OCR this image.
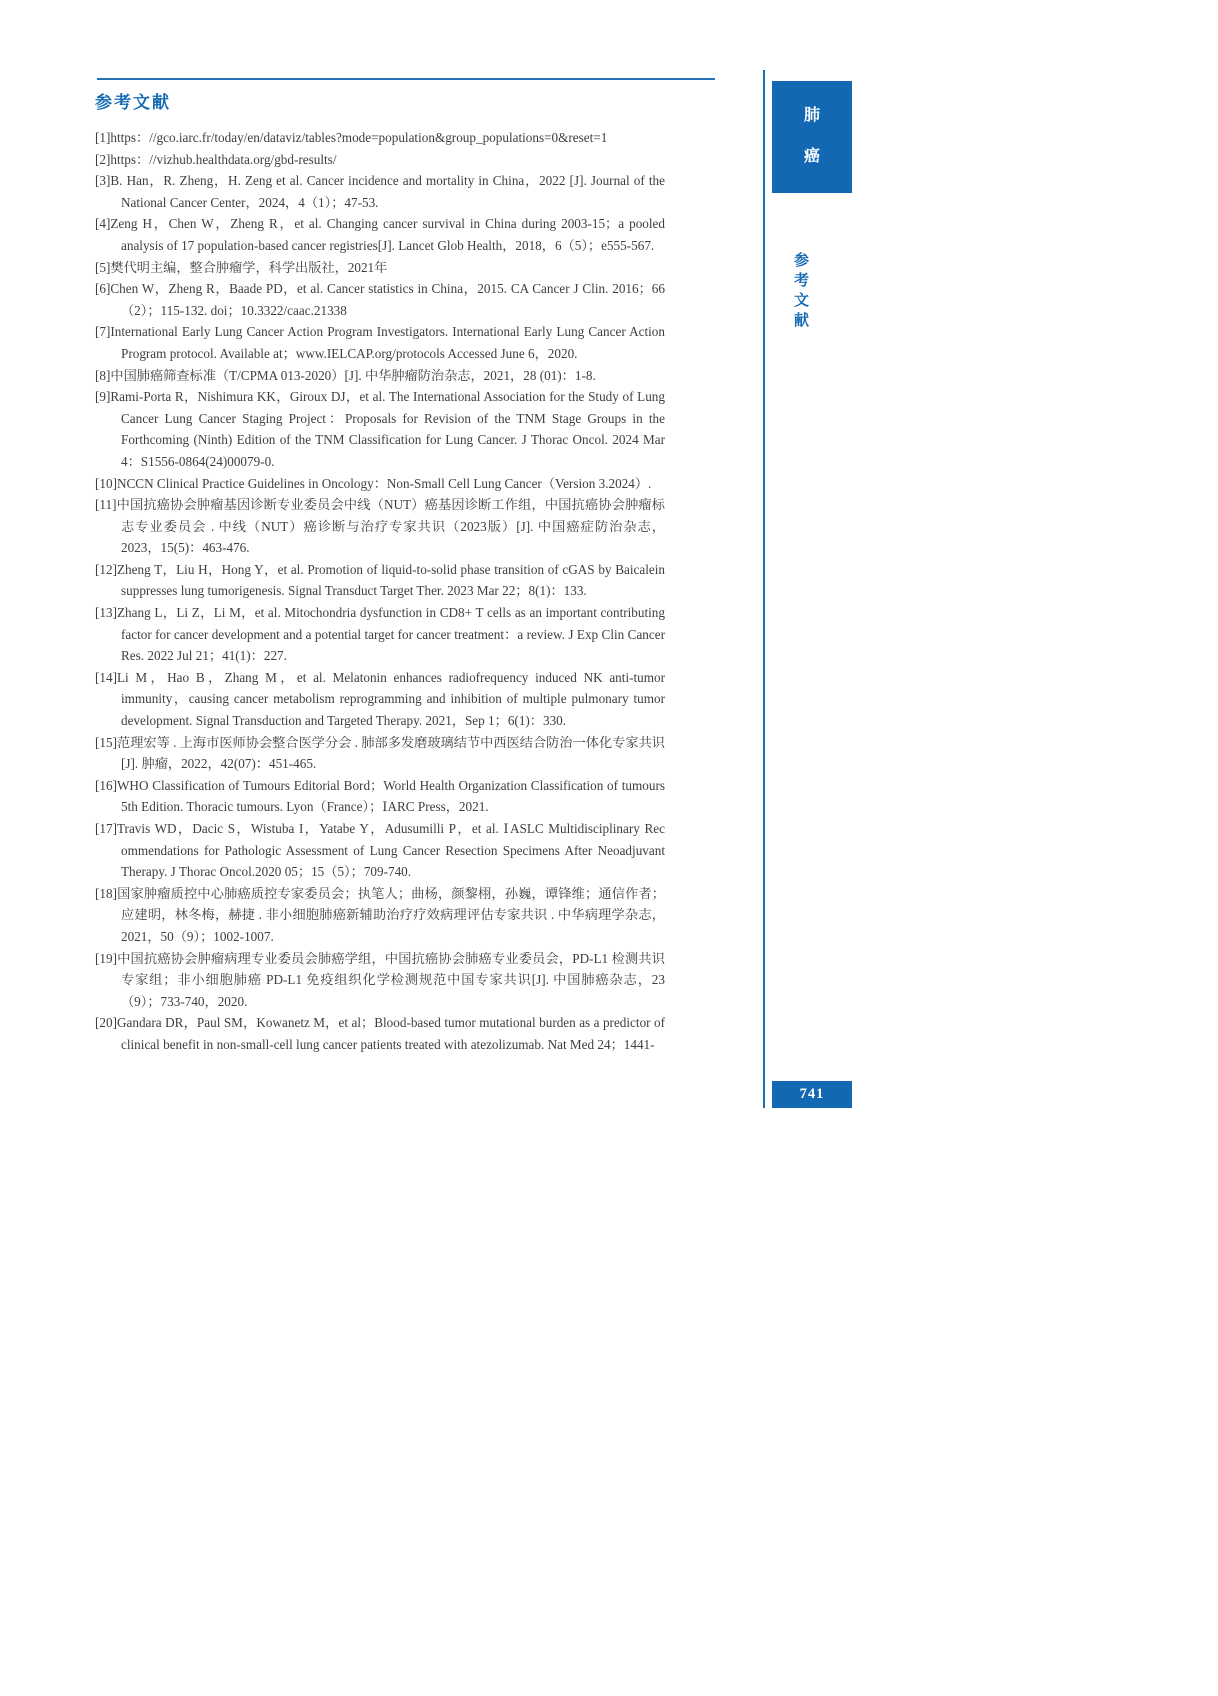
参考文献

[1]https：//gco.iarc.fr/today/en/dataviz/tables?mode=population&group_populations=0&reset=1

[2]https：//vizhub.healthdata.org/gbd-results/

[3]B. Han，R. Zheng，H. Zeng et al. Cancer incidence and mortality in China，2022 [J]. Journal of the National Cancer Center，2024，4（1）；47-53.

[4]Zeng H，Chen W，Zheng R，et al. Changing cancer survival in China during 2003-15；a pooled analysis of 17 population-based cancer registries[J]. Lancet Glob Health，2018，6（5）；e555-567.

[5]樊代明主编，整合肿瘤学，科学出版社，2021年

[6]Chen W，Zheng R，Baade PD，et al. Cancer statistics in China，2015. CA Cancer J Clin. 2016；66（2）；115-132. doi；10.3322/caac.21338

[7]International Early Lung Cancer Action Program Investigators. International Early Lung Cancer Action Program protocol. Available at；www.IELCAP.org/protocols Accessed June 6，2020.

[8]中国肺癌筛查标准（T/CPMA 013-2020）[J]. 中华肿瘤防治杂志，2021，28 (01)：1-8.

[9]Rami-Porta R，Nishimura KK，Giroux DJ，et al. The International Association for the Study of Lung Cancer Lung Cancer Staging Project：Proposals for Revision of the TNM Stage Groups in the Forthcoming (Ninth) Edition of the TNM Classification for Lung Cancer. J Thorac Oncol. 2024 Mar 4：S1556-0864(24)00079-0.

[10]NCCN Clinical Practice Guidelines in Oncology：Non-Small Cell Lung Cancer（Version 3.2024）.

[11]中国抗癌协会肿瘤基因诊断专业委员会中线（NUT）癌基因诊断工作组，中国抗癌协会肿瘤标志专业委员会 . 中线（NUT）癌诊断与治疗专家共识（2023版）[J]. 中国癌症防治杂志，2023，15(5)：463-476.

[12]Zheng T，Liu H，Hong Y，et al. Promotion of liquid-to-solid phase transition of cGAS by Baicalein suppresses lung tumorigenesis. Signal Transduct Target Ther. 2023 Mar 22；8(1)：133.

[13]Zhang L，Li Z，Li M，et al. Mitochondria dysfunction in CD8+ T cells as an important contributing factor for cancer development and a potential target for cancer treatment：a review. J Exp Clin Cancer Res. 2022 Jul 21；41(1)：227.

[14]Li M，Hao B，Zhang M，et al. Melatonin enhances radiofrequency induced NK anti-tumor immunity，causing cancer metabolism reprogramming and inhibition of multiple pulmonary tumor development. Signal Transduction and Targeted Therapy. 2021，Sep 1；6(1)：330.

[15]范理宏等 . 上海市医师协会整合医学分会 . 肺部多发磨玻璃结节中西医结合防治一体化专家共识 [J]. 肿瘤，2022，42(07)：451-465.

[16]WHO Classification of Tumours Editorial Bord；World Health Organization Classification of tumours 5th Edition. Thoracic tumours. Lyon（France）；ⅠARC Press，2021.

[17]Travis WD，Dacic S，Wistuba I，Yatabe Y，Adusumilli P，et al. ⅠASLC Multidisciplinary Rec ommendations for Pathologic Assessment of Lung Cancer Resection Specimens After Neoadjuvant Therapy. J Thorac Oncol.2020 05；15（5）；709-740.

[18]国家肿瘤质控中心肺癌质控专家委员会；执笔人；曲杨，颜黎栩，孙巍，谭锋维；通信作者；应建明，林冬梅，赫捷 . 非小细胞肺癌新辅助治疗疗效病理评估专家共识 . 中华病理学杂志，2021，50（9）；1002-1007.

[19]中国抗癌协会肿瘤病理专业委员会肺癌学组，中国抗癌协会肺癌专业委员会，PD-L1 检测共识专家组；非小细胞肺癌 PD-L1 免疫组织化学检测规范中国专家共识[J]. 中国肺癌杂志，23（9）；733-740，2020.

[20]Gandara DR，Paul SM，Kowanetz M，et al；Blood-based tumor mutational burden as a predictor of clinical benefit in non-small-cell lung cancer patients treated with atezolizumab. Nat Med 24；1441-

肺癌
参考文献
741
